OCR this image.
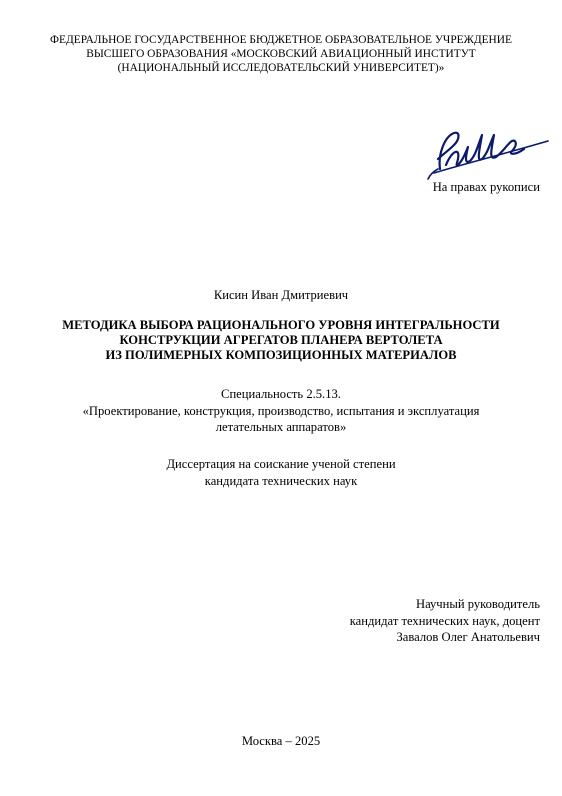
ФЕДЕРАЛЬНОЕ ГОСУДАРСТВЕННОЕ БЮДЖЕТНОЕ ОБРАЗОВАТЕЛЬНОЕ УЧРЕЖДЕНИЕ
ВЫСШЕГО ОБРАЗОВАНИЯ «МОСКОВСКИЙ АВИАЦИОННЫЙ ИНСТИТУТ
(НАЦИОНАЛЬНЫЙ ИССЛЕДОВАТЕЛЬСКИЙ УНИВЕРСИТЕТ)»
На правах рукописи
Кисин Иван Дмитриевич
МЕТОДИКА ВЫБОРА РАЦИОНАЛЬНОГО УРОВНЯ ИНТЕГРАЛЬНОСТИ
КОНСТРУКЦИИ АГРЕГАТОВ ПЛАНЕРА ВЕРТОЛЕТА
ИЗ ПОЛИМЕРНЫХ КОМПОЗИЦИОННЫХ МАТЕРИАЛОВ
Специальность 2.5.13.
«Проектирование, конструкция, производство, испытания и эксплуатация
летательных аппаратов»
Диссертация на соискание ученой степени
кандидата технических наук
Научный руководитель
кандидат технических наук, доцент
Завалов Олег Анатольевич
Москва – 2025
